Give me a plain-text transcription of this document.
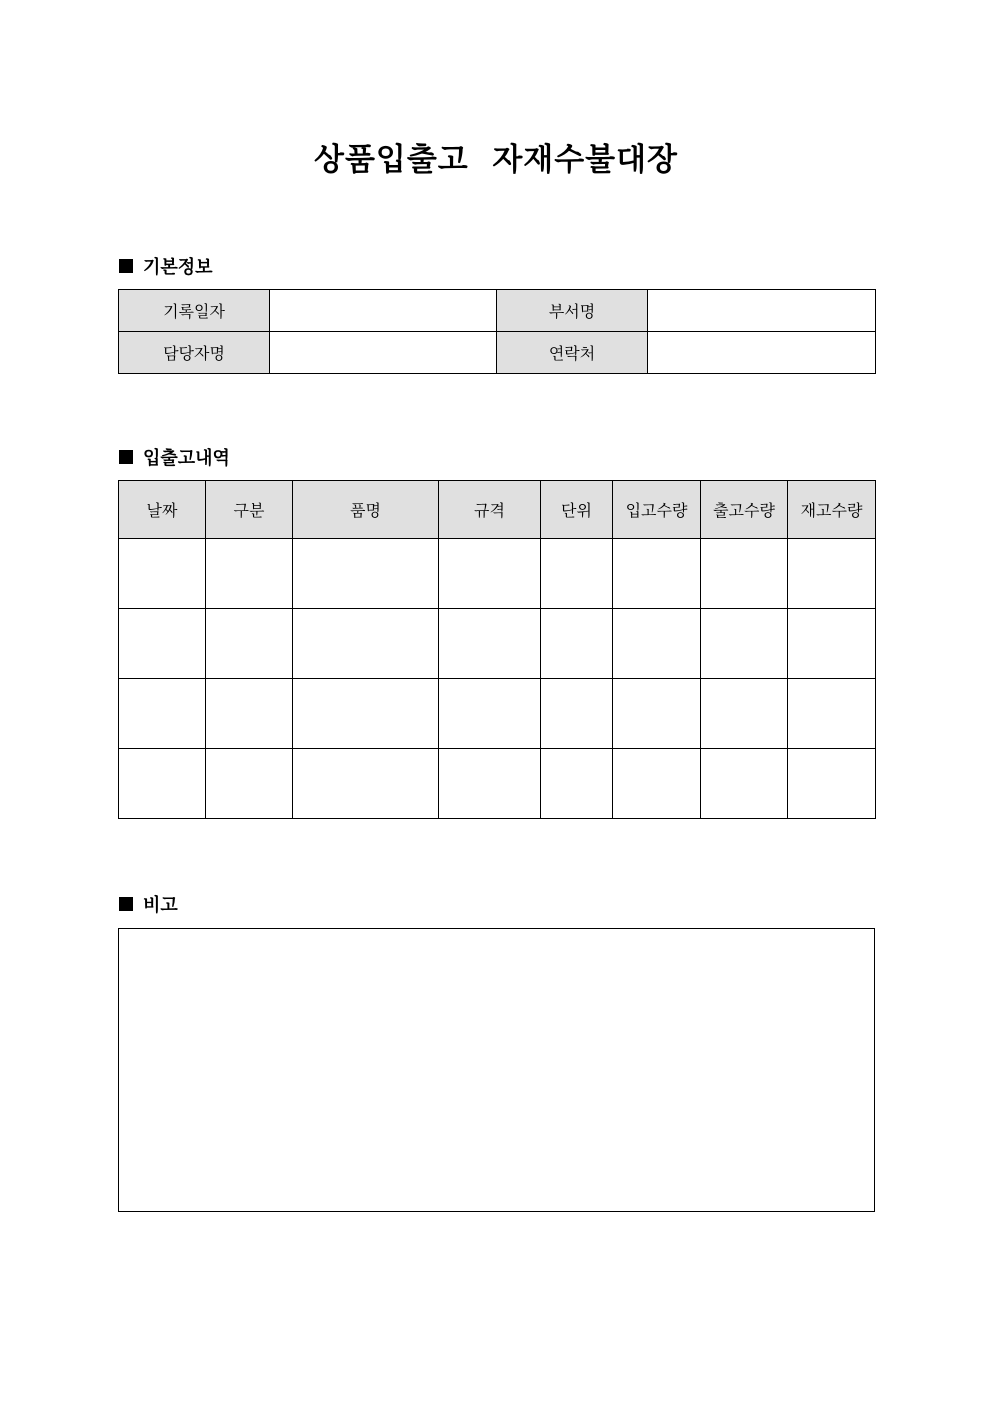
상품입출고  자재수불대장
기본정보
기록일자		부서명	
담당자명		연락처	
입출고내역
날짜	구분	품명	규격	단위	입고수량	출고수량	재고수량

비고
